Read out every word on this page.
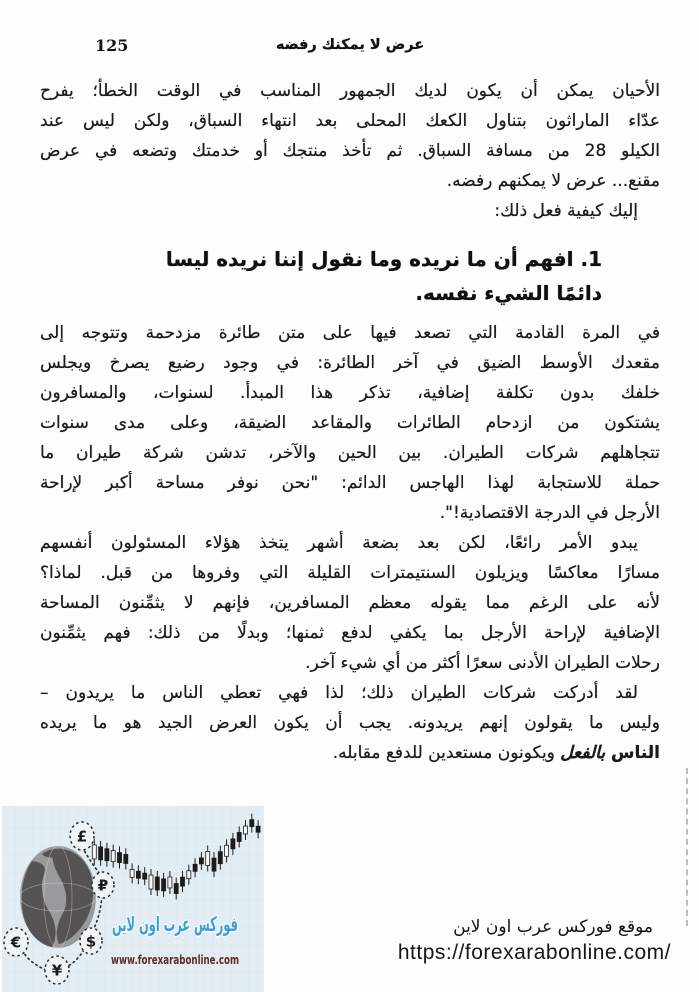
125	عرض لا يمكنك رفضه
الأحيان يمكن أن يكون لديك الجمهور المناسب في الوقت الخطأ؛ يفرح
عدّاء الماراثون بتناول الكعك المحلى بعد انتهاء السباق، ولكن ليس عند
الكيلو 28 من مسافة السباق. ثم تأخذ منتجك أو خدمتك وتضعه في عرض
مقنع... عرض لا يمكنهم رفضه.
إليك كيفية فعل ذلك:
1. افهم أن ما نريده وما نقول إننا نريده ليسا
دائمًا الشيء نفسه.
في المرة القادمة التي تصعد فيها على متن طائرة مزدحمة وتتوجه إلى
مقعدك الأوسط الضيق في آخر الطائرة: في وجود رضيع يصرخ ويجلس
خلفك بدون تكلفة إضافية، تذكر هذا المبدأ. لسنوات، والمسافرون
يشتكون من ازدحام الطائرات والمقاعد الضيقة، وعلى مدى سنوات
تتجاهلهم شركات الطيران. بين الحين والآخر، تدشن شركة طيران ما
حملة للاستجابة لهذا الهاجس الدائم: "نحن نوفر مساحة أكبر لإراحة
الأرجل في الدرجة الاقتصادية!".
يبدو الأمر رائعًا، لكن بعد بضعة أشهر يتخذ هؤلاء المسئولون أنفسهم
مسارًا معاكسًا ويزيلون السنتيمترات القليلة التي وفروها من قبل. لماذا؟
لأنه على الرغم مما يقوله معظم المسافرين، فإنهم لا يثمِّنون المساحة
الإضافية لإراحة الأرجل بما يكفي لدفع ثمنها؛ وبدلًا من ذلك: فهم يثمِّنون
رحلات الطيران الأدنى سعرًا أكثر من أي شيء آخر.
لقد أدركت شركات الطيران ذلك؛ لذا فهي تعطي الناس ما يريدون –
وليس ما يقولون إنهم يريدونه. يجب أن يكون العرض الجيد هو ما يريده
الناس بالفعل ويكونون مستعدين للدفع مقابله.
£
₽
$
¥
€
فوركس عرب اون لاين
www.forexarabonline.com
موقع فوركس عرب اون لاين
https://forexarabonline.com/
